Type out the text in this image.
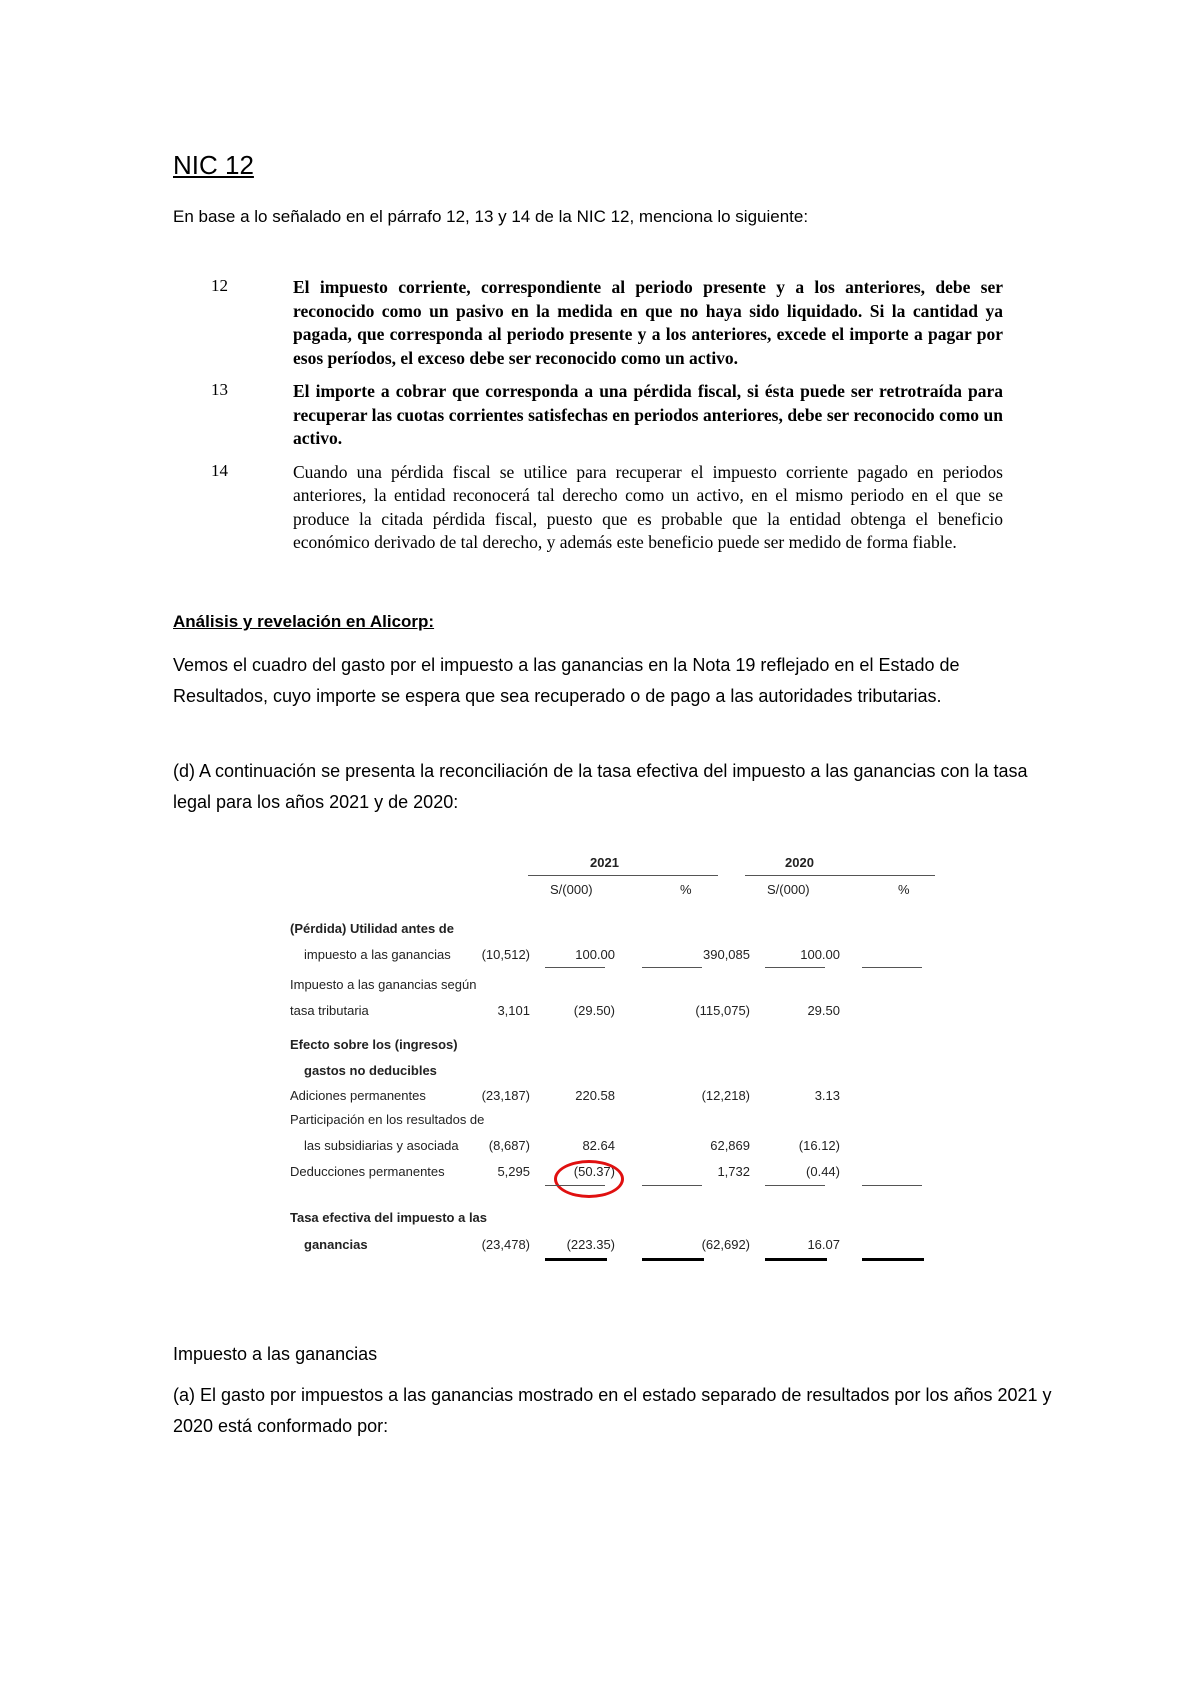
NIC 12
En base a lo señalado en el párrafo 12, 13 y 14 de la NIC 12, menciona lo siguiente:
12	El impuesto corriente, correspondiente al periodo presente y a los anteriores, debe ser reconocido como un pasivo en la medida en que no haya sido liquidado. Si la cantidad ya pagada, que corresponda al periodo presente y a los anteriores, excede el importe a pagar por esos períodos, el exceso debe ser reconocido como un activo.
13	El importe a cobrar que corresponda a una pérdida fiscal, si ésta puede ser retrotraída para recuperar las cuotas corrientes satisfechas en periodos anteriores, debe ser reconocido como un activo.
14	Cuando una pérdida fiscal se utilice para recuperar el impuesto corriente pagado en periodos anteriores, la entidad reconocerá tal derecho como un activo, en el mismo periodo en el que se produce la citada pérdida fiscal, puesto que es probable que la entidad obtenga el beneficio económico derivado de tal derecho, y además este beneficio puede ser medido de forma fiable.
Análisis y revelación en Alicorp:
Vemos el cuadro del gasto por el impuesto a las ganancias en la Nota 19 reflejado en el Estado de Resultados, cuyo importe se espera que sea recuperado o de pago a las autoridades tributarias.
(d) A continuación se presenta la reconciliación de la tasa efectiva del impuesto a las ganancias con la tasa legal para los años 2021 y de 2020:
2021	2020
S/(000)	%	S/(000)	%
(Pérdida) Utilidad antes de
impuesto a las ganancias (10,512)	100.00	390,085	100.00
Impuesto a las ganancias según
tasa tributaria	3,101	(29.50)	(115,075)	29.50
Efecto sobre los (ingresos)
gastos no deducibles
Adiciones permanentes	(23,187)	220.58	(12,218)	3.13
Participación en los resultados de
las subsidiarias y asociada (8,687)	82.64	62,869	(16.12)
Deducciones permanentes	5,295	(50.37)	1,732	(0.44)
Tasa efectiva del impuesto a las
ganancias	(23,478)	(223.35)	(62,692)	16.07
Impuesto a las ganancias
(a) El gasto por impuestos a las ganancias mostrado en el estado separado de resultados por los años 2021 y 2020 está conformado por:
